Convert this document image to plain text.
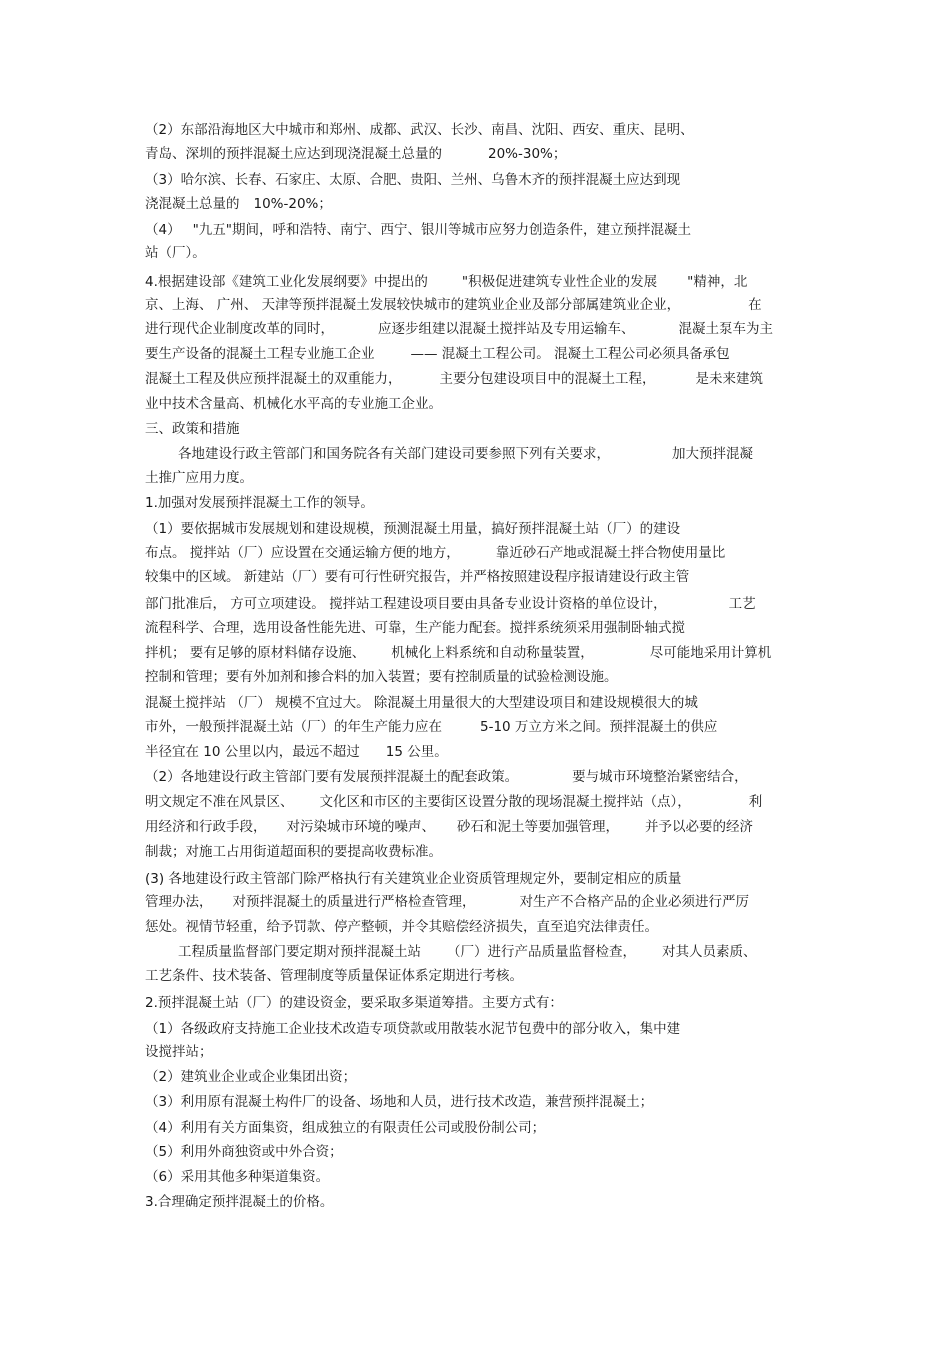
（2）东部沿海地区大中城市和郑州、成都、武汉、长沙、南昌、沈阳、西安、重庆、昆明、

青岛、深圳的预拌混凝土应达到现浇混凝土总量的	20%-30%；

（3）哈尔滨、长春、石家庄、太原、合肥、贵阳、兰州、乌鲁木齐的预拌混凝土应达到现

浇混凝土总量的 10%-20%；

（4） "九五"期间，呼和浩特、南宁、西宁、银川等城市应努力创造条件，建立预拌混凝土

站（厂）。

4.根据建设部《建筑工业化发展纲要》中提出的	"积极促进建筑专业性企业的发展 "精神，北

京、上海、 广州、 天津等预拌混凝土发展较快城市的建筑业企业及部分部属建筑业企业，	在

进行现代企业制度改革的同时，	应逐步组建以混凝土搅拌站及专用运输车、	混凝土泵车为主

要生产设备的混凝土工程专业施工企业	—— 混凝土工程公司。 混凝土工程公司必须具备承包

混凝土工程及供应预拌混凝土的双重能力，	主要分包建设项目中的混凝土工程，	是未来建筑

业中技术含量高、机械化水平高的专业施工企业。

三、政策和措施

各地建设行政主管部门和国务院各有关部门建设司要参照下列有关要求，	加大预拌混凝

土推广应用力度。

1.加强对发展预拌混凝土工作的领导。

（1）要依据城市发展规划和建设规模，预测混凝土用量，搞好预拌混凝土站（厂）的建设

布点。 搅拌站（厂）应设置在交通运输方便的地方，	靠近砂石产地或混凝土拌合物使用量比

较集中的区域。 新建站（厂）要有可行性研究报告，并严格按照建设程序报请建设行政主管

部门批准后， 方可立项建设。 搅拌站工程建设项目要由具备专业设计资格的单位设计，	工艺

流程科学、合理，选用设备性能先进、可靠，生产能力配套。搅拌系统须采用强制卧轴式搅

拌机； 要有足够的原材料储存设施、 机械化上料系统和自动称量装置，	尽可能地采用计算机

控制和管理；要有外加剂和掺合料的加入装置；要有控制质量的试验检测设施。

混凝土搅拌站 （厂） 规模不宜过大。 除混凝土用量很大的大型建设项目和建设规模很大的城

市外，一般预拌混凝土站（厂）的年生产能力应在	5-10 万立方米之间。预拌混凝土的供应

半径宜在 10 公里以内，最远不超过 15 公里。

（2）各地建设行政主管部门要有发展预拌混凝土的配套政策。	要与城市环境整治紧密结合，

明文规定不准在风景区、 文化区和市区的主要街区设置分散的现场混凝土搅拌站（点），	利

用经济和行政手段， 对污染城市环境的噪声、 砂石和泥土等要加强管理， 并予以必要的经济

制裁；对施工占用街道超面积的要提高收费标准。

(3) 各地建设行政主管部门除严格执行有关建筑业企业资质管理规定外，要制定相应的质量

管理办法， 对预拌混凝土的质量进行严格检查管理，	对生产不合格产品的企业必须进行严厉

惩处。视情节轻重，给予罚款、停产整顿，并令其赔偿经济损失，直至追究法律责任。

工程质量监督部门要定期对预拌混凝土站 （厂）进行产品质量监督检查， 对其人员素质、

工艺条件、技术装备、管理制度等质量保证体系定期进行考核。

2.预拌混凝土站（厂）的建设资金，要采取多渠道筹措。主要方式有：

（1）各级政府支持施工企业技术改造专项贷款或用散装水泥节包费中的部分收入，集中建

设搅拌站；

（2）建筑业企业或企业集团出资；

（3）利用原有混凝土构件厂的设备、场地和人员，进行技术改造，兼营预拌混凝土；

（4）利用有关方面集资，组成独立的有限责任公司或股份制公司；

（5）利用外商独资或中外合资；

（6）采用其他多种渠道集资。

3.合理确定预拌混凝土的价格。
